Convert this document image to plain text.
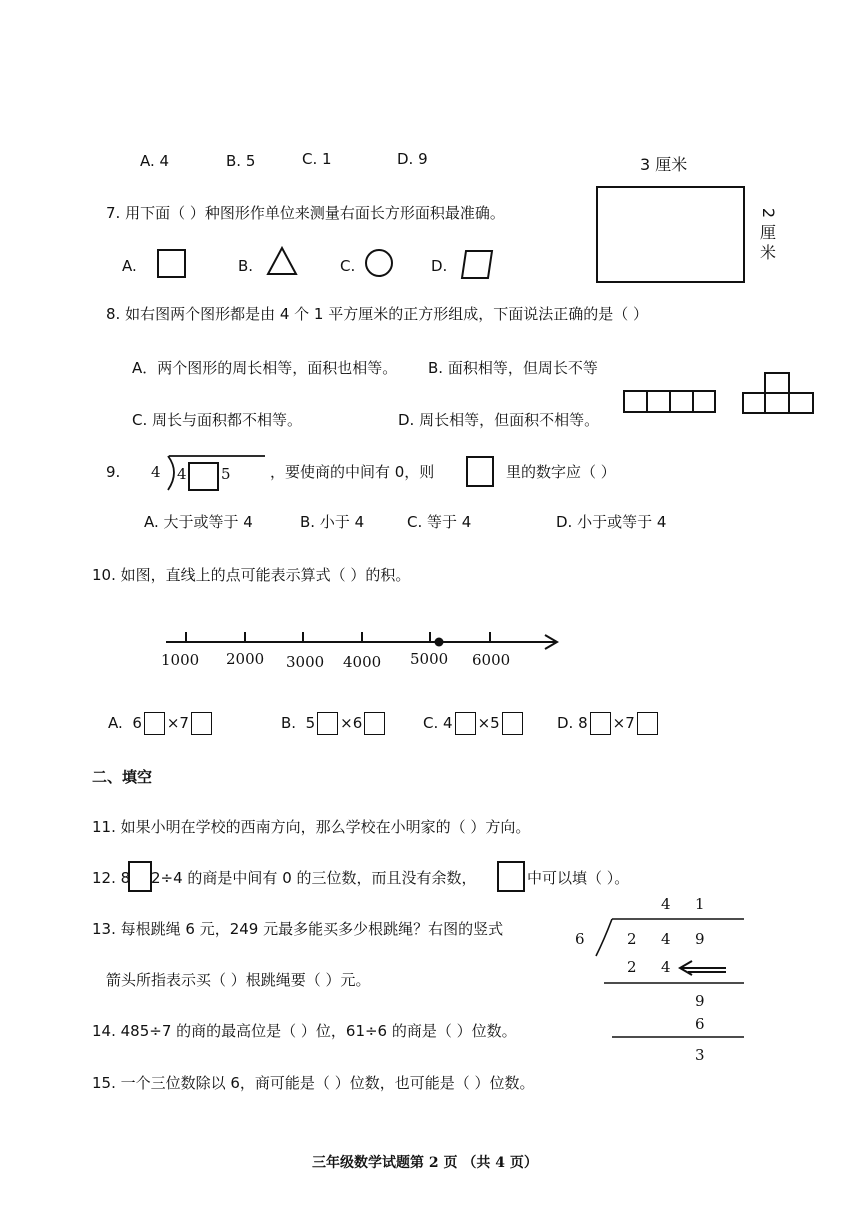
A. 4	B. 5	C. 1	D. 9	3 厘米
2
厘
米
7. 用下面（ ）种图形作单位来测量右面长方形面积最准确。
A.	B.	C.	D.
8. 如右图两个图形都是由 4 个 1 平方厘米的正方形组成，下面说法正确的是（ ）
A．两个图形的周长相等，面积也相等。 B. 面积相等，但周长不等
C. 周长与面积都不相等。	D. 周长相等，但面积不相等。
9. 4 4 5	，要使商的中间有 0，则	里的数字应（ ）
A. 大于或等于 4	B. 小于 4	C. 等于 4	D. 小于或等于 4
10. 如图，直线上的点可能表示算式（ ）的积。
1000 2000 3000 4000 5000 6000
A. 6 ×7	B. 5 ×6	C. 4 ×5	D. 8 ×7
二、填空
11. 如果小明在学校的西南方向，那么学校在小明家的（ ）方向。
12. 8 2÷4 的商是中间有 0 的三位数，而且没有余数，	中可以填（ ）。
13. 每根跳绳 6 元，249 元最多能买多少根跳绳？右图的竖式
箭头所指表示买（ ）根跳绳要（ ）元。
4 1
6	2 4 9
2 4
9
6
3
14. 485÷7 的商的最高位是（ ）位，61÷6 的商是（ ）位数。
15. 一个三位数除以 6，商可能是（ ）位数，也可能是（ ）位数。
三年级数学试题第 2 页 （共 4 页）
